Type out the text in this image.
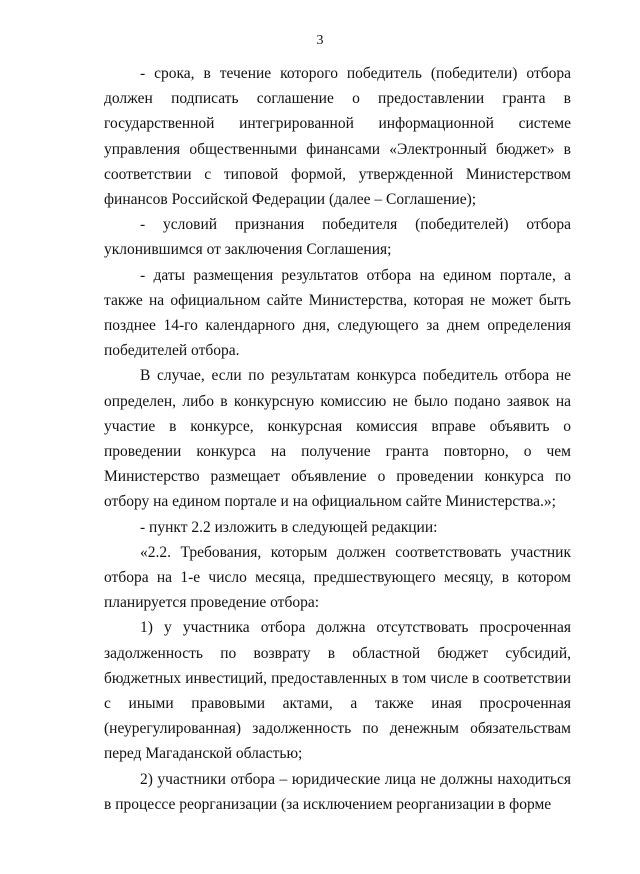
3

- срока, в течение которого победитель (победители) отбора должен подписать соглашение о предоставлении гранта в государственной интегрированной информационной системе управления общественными финансами «Электронный бюджет» в соответствии с типовой формой, утвержденной Министерством финансов Российской Федерации (далее – Соглашение);

- условий признания победителя (победителей) отбора уклонившимся от заключения Соглашения;

- даты размещения результатов отбора на едином портале, а также на официальном сайте Министерства, которая не может быть позднее 14-го календарного дня, следующего за днем определения победителей отбора.

В случае, если по результатам конкурса победитель отбора не определен, либо в конкурсную комиссию не было подано заявок на участие в конкурсе, конкурсная комиссия вправе объявить о проведении конкурса на получение гранта повторно, о чем Министерство размещает объявление о проведении конкурса по отбору на едином портале и на официальном сайте Министерства.»;

- пункт 2.2 изложить в следующей редакции:

«2.2. Требования, которым должен соответствовать участник отбора на 1-е число месяца, предшествующего месяцу, в котором планируется проведение отбора:

1) у участника отбора должна отсутствовать просроченная задолженность по возврату в областной бюджет субсидий, бюджетных инвестиций, предоставленных в том числе в соответствии с иными правовыми актами, а также иная просроченная (неурегулированная) задолженность по денежным обязательствам перед Магаданской областью;

2) участники отбора – юридические лица не должны находиться в процессе реорганизации (за исключением реорганизации в форме
